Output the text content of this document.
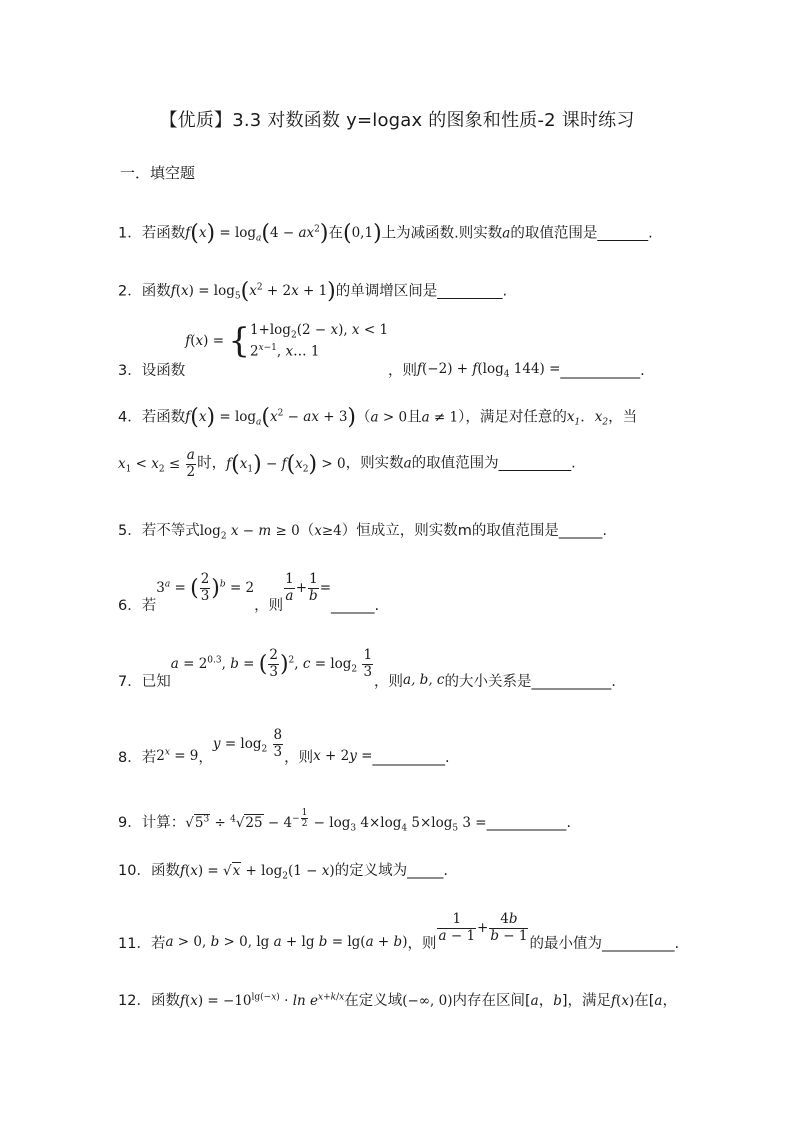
【优质】3.3 对数函数 y=logax 的图象和性质-2 课时练习
一．填空题
1．若函数$f(x) = \log_a(4 - ax^2)$在(0,1)上为减函数.则实数a的取值范围是_______.
2．函数$f(x) = \log_5(x^2 + 2x + 1)$的单调增区间是_________.
3．设函数$f(x) = \{1+\log_2(2 - x)$, x < 1
$2^{x-1}$, x… 1，则$f(-2) + f(\log_4$ 144) =___________.
4．若函数$f(x) = \log_a(x^2$ − ax + 3)（a > 0且a ≠ 1），满足对任意的$x_1$．$x_2$，当
$x_1 < x_2 \le \frac{a}{2}$ 时，$f(x_1) - f(x_2) > 0$，则实数a的取值范围为__________.
5．若不等式$\log_2 x - m \ge 0(x\ge 4)$恒成立，则实数m的取值范围是______.
6．若$3^a$ = ( $\frac{2}{3} )^b = 2$，则
$\frac{1}{a} + \frac{1}{b}$ =______.
7．已知$a = 2^{0.3}$, b = ( $\frac{2}{3} )^2$, $c = \log_2 \frac{1}{3}$
，则a, b, c的大小关系是___________.
8．若$2^x = 9$，$y = \log_2 \frac{8}{3}$ ，则x + 2y =__________.
9．计算：$√5^3 \div ^4√25 - 4^{- \frac{1}{2}} - \log_3 4\times\log_4$ $5\times\log_5$ 3 =___________.
10．函数$f(x) = √x + \log_2(1 - x)$的定义域为_____.
11．若a > 0, b > 0, lg a + lg b = lg(a + b)，则 $\frac{1}{a - 1} + \frac{4b}{b - 1}$ 的最小值为__________.
12．函数$f(x) = -10^{lg(-x)} \cdot \ln e^{x+k/x}$在定义域(−∞, 0)内存在区间[a，b]，满足f(x)在[a，
